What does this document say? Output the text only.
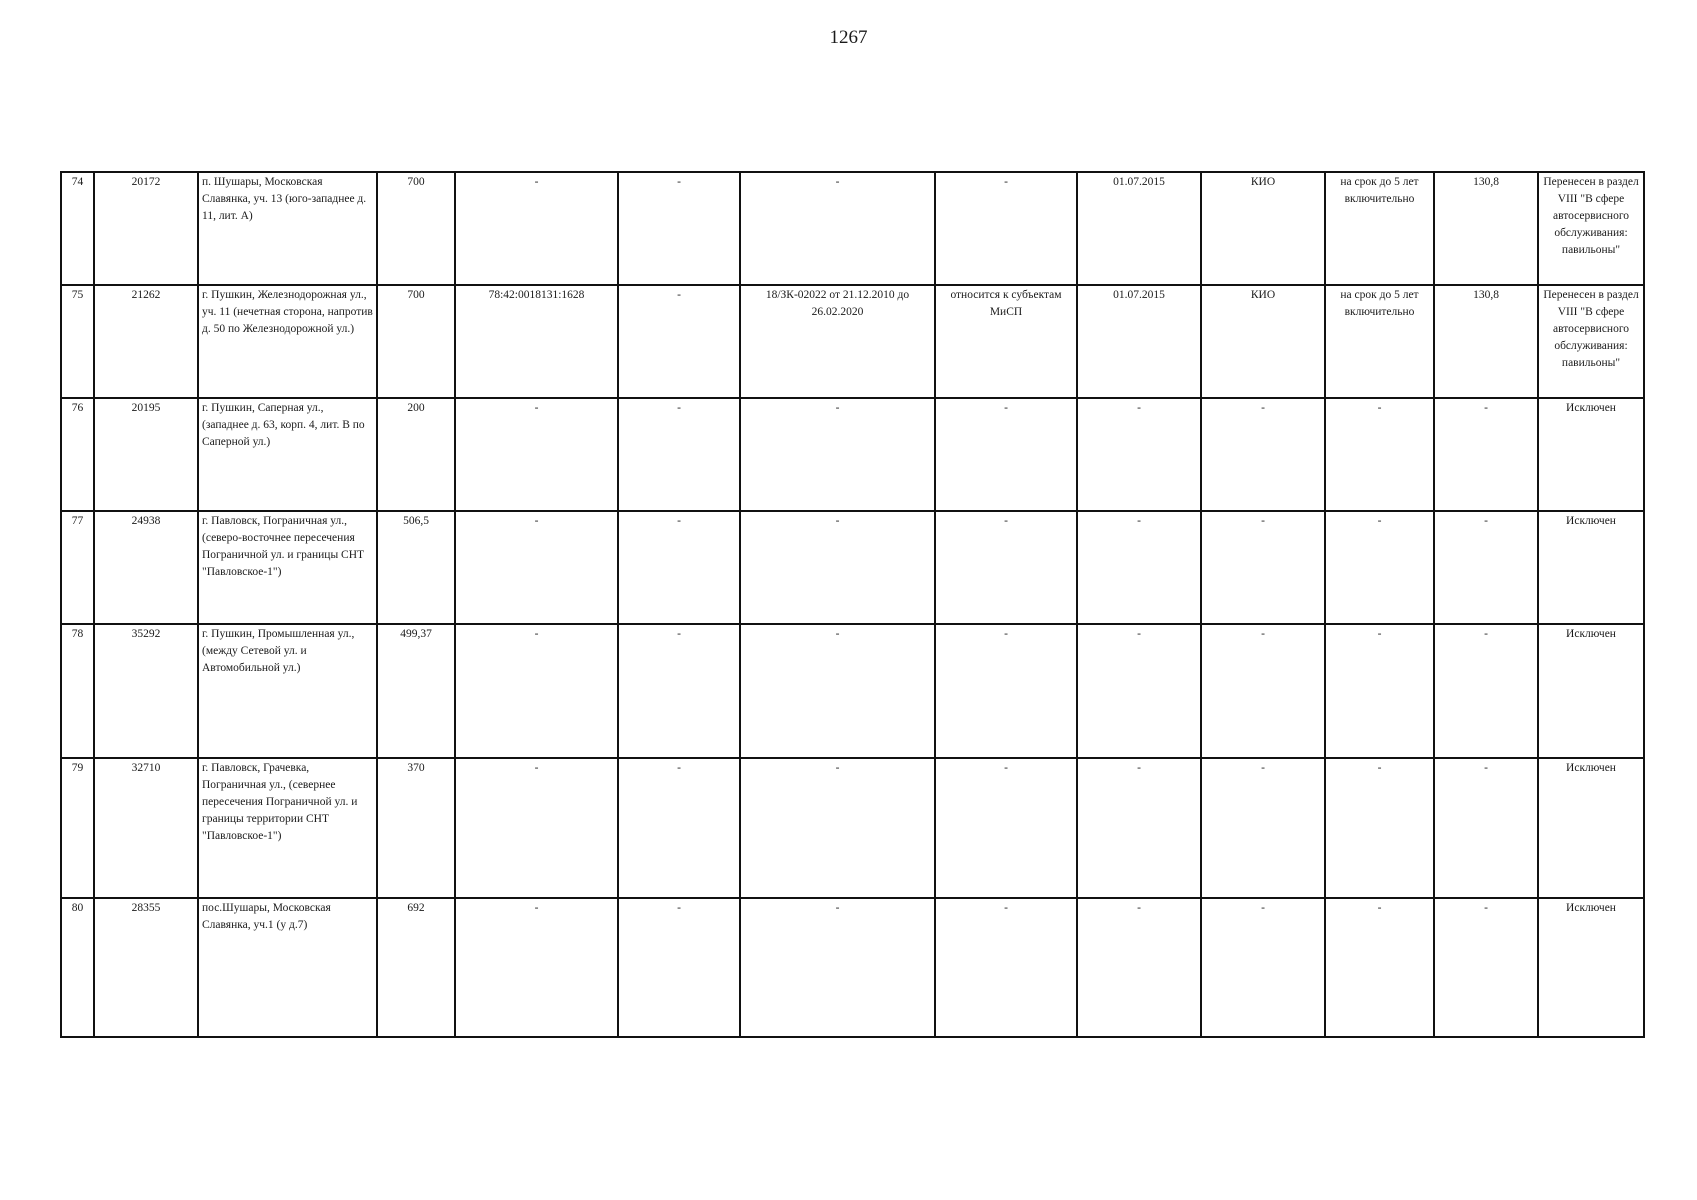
1267
74	20172	п. Шушары, Московская Славянка, уч. 13 (юго-западнее д. 11, лит. А)	700	-	-	-	-	01.07.2015	КИО	на срок до 5 лет включительно	130,8	Перенесен в раздел VIII "В сфере автосервисного обслуживания: павильоны"
75	21262	г. Пушкин, Железнодорожная ул., уч. 11 (нечетная сторона, напротив д. 50 по Железнодорожной ул.)	700	78:42:0018131:1628	-	18/ЗК-02022 от 21.12.2010 до 26.02.2020	относится к субъектам МиСП	01.07.2015	КИО	на срок до 5 лет включительно	130,8	Перенесен в раздел VIII "В сфере автосервисного обслуживания: павильоны"
76	20195	г. Пушкин, Саперная ул., (западнее д. 63, корп. 4, лит. В по Саперной ул.)	200	-	-	-	-	-	-	-	-	Исключен
77	24938	г. Павловск, Пограничная ул., (северо-восточнее пересечения Пограничной ул. и границы СНТ "Павловское-1")	506,5	-	-	-	-	-	-	-	-	Исключен
78	35292	г. Пушкин, Промышленная ул., (между Сетевой ул. и Автомобильной ул.)	499,37	-	-	-	-	-	-	-	-	Исключен
79	32710	г. Павловск, Грачевка, Пограничная ул., (севернее пересечения Пограничной ул. и границы территории СНТ "Павловское-1")	370	-	-	-	-	-	-	-	-	Исключен
80	28355	пос.Шушары, Московская Славянка, уч.1 (у д.7)	692	-	-	-	-	-	-	-	-	Исключен
